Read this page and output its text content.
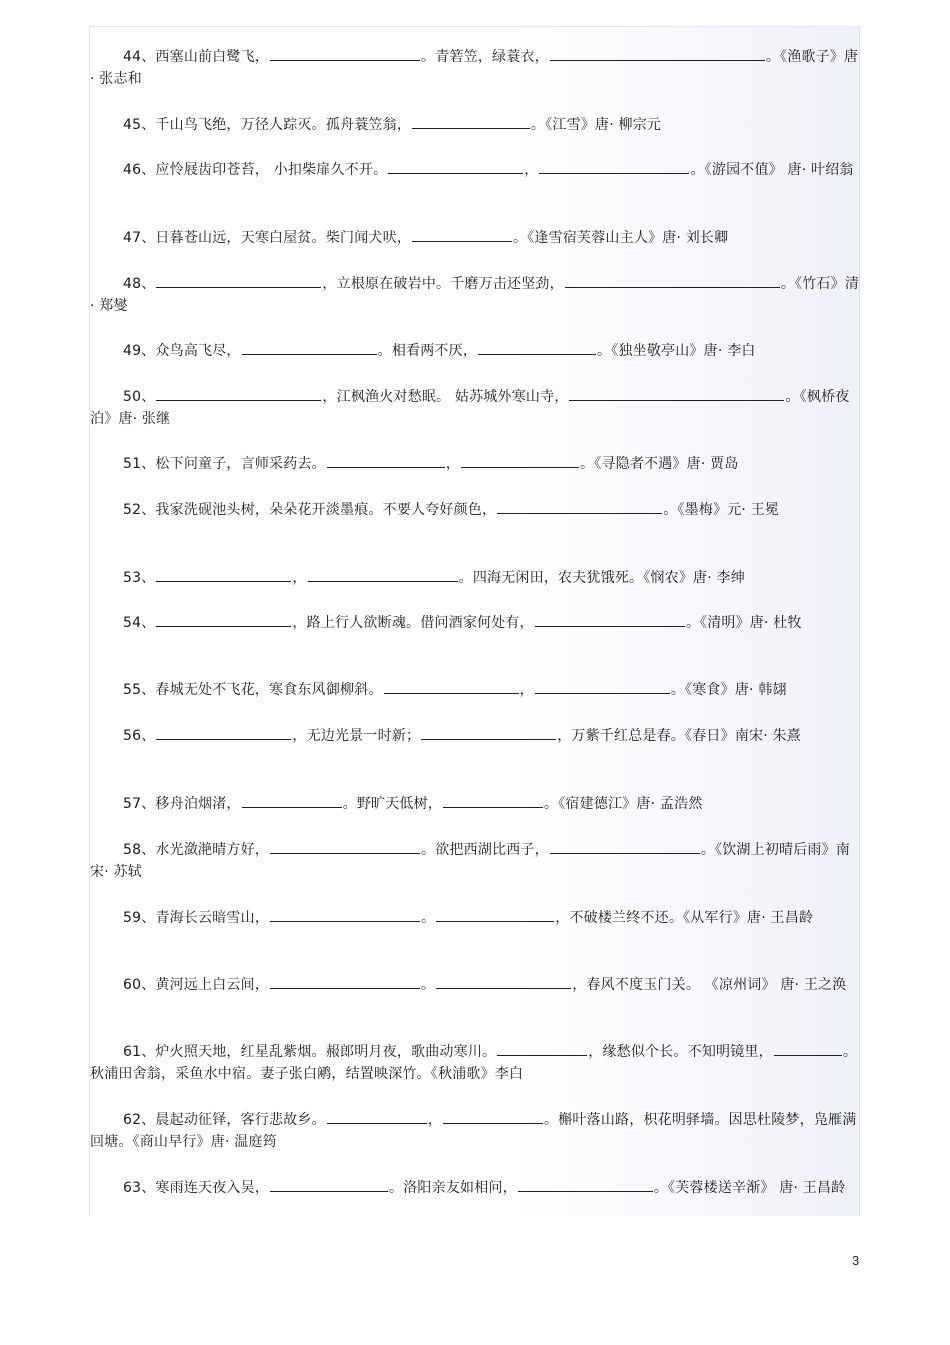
44、西塞山前白鹭飞，	。青箬笠，绿蓑衣，	。《渔歌子》唐· 张志和
45、千山鸟飞绝，万径人踪灭。孤舟蓑笠翁，	。《江雪》唐· 柳宗元
46、应怜屐齿印苍苔， 小扣柴扉久不开。	，	。《游园不值》 唐· 叶绍翁
47、日暮苍山远，天寒白屋贫。柴门闻犬吠，	。《逢雪宿芙蓉山主人》唐· 刘长卿
48、	，立根原在破岩中。千磨万击还坚劲，	。《竹石》清· 郑燮
49、众鸟高飞尽，	。相看两不厌，	。《独坐敬亭山》唐· 李白
50、	，江枫渔火对愁眠。 姑苏城外寒山寺，	。《枫桥夜泊》唐· 张继
51、松下问童子，言师采药去。	，	。《寻隐者不遇》唐· 贾岛
52、我家洗砚池头树，朵朵花开淡墨痕。不要人夸好颜色，	。《墨梅》元· 王冕
53、	，	。四海无闲田，农夫犹饿死。《悯农》唐· 李绅
54、	，路上行人欲断魂。借问酒家何处有，	。《清明》唐· 杜牧
55、春城无处不飞花，寒食东风御柳斜。	，	。《寒食》唐· 韩翃
56、	，无边光景一时新；	，万紫千红总是春。《春日》南宋· 朱熹
57、移舟泊烟渚，	。野旷天低树，	。《宿建德江》唐· 孟浩然
58、水光潋滟晴方好，	。欲把西湖比西子，	。《饮湖上初晴后雨》南宋· 苏轼
59、青海长云暗雪山，	。	，不破楼兰终不还。《从军行》唐· 王昌龄
60、黄河远上白云间，	。	，春风不度玉门关。 《凉州词》 唐· 王之涣
61、炉火照天地，红星乱紫烟。赧郎明月夜，歌曲动寒川。	，缘愁似个长。不知明镜里，	。秋浦田舍翁，采鱼水中宿。妻子张白鹇，结置映深竹。《秋浦歌》李白
62、晨起动征铎，客行悲故乡。	，	。槲叶落山路，枳花明驿墙。因思杜陵梦，凫雁满回塘。《商山早行》唐· 温庭筠
63、寒雨连天夜入吴，	。洛阳亲友如相问，	。《芙蓉楼送辛渐》 唐· 王昌龄
3
